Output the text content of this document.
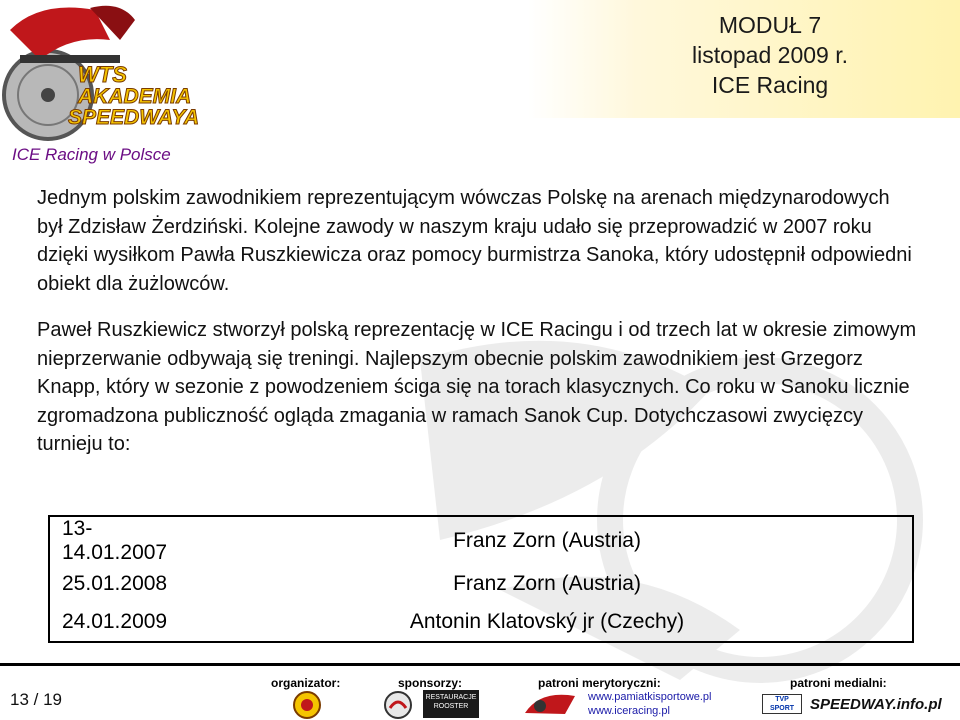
MODUŁ 7
listopad 2009 r.
ICE Racing
WTS
AKADEMIA
SPEEDWAYA
ICE Racing w Polsce
Jednym polskim zawodnikiem reprezentującym wówczas Polskę na arenach międzynarodowych był Zdzisław Żerdziński. Kolejne zawody w naszym kraju udało się przeprowadzić w 2007 roku dzięki wysiłkom Pawła Ruszkiewicza oraz pomocy burmistrza Sanoka, który udostępnił odpowiedni obiekt dla żużlowców.
Paweł Ruszkiewicz stworzył polską reprezentację w ICE Racingu i od trzech lat w okresie zimowym nieprzerwanie odbywają się treningi. Najlepszym obecnie polskim zawodnikiem jest Grzegorz Knapp, który w sezonie z powodzeniem ściga się na torach klasycznych. Co roku w Sanoku licznie zgromadzona publiczność ogląda zmagania w ramach Sanok Cup. Dotychczasowi zwycięzcy turnieju to:
13-14.01.2007	Franz Zorn (Austria)
25.01.2008	Franz Zorn (Austria)
24.01.2009	Antonin Klatovský jr (Czechy)
13 / 19
organizator:	sponsorzy:	patroni merytoryczni:	patroni medialni:
RESTAURACJE ROOSTER
www.pamiatkisportowe.pl
www.iceracing.pl
TVP SPORT	SPEEDWAY.info.pl
